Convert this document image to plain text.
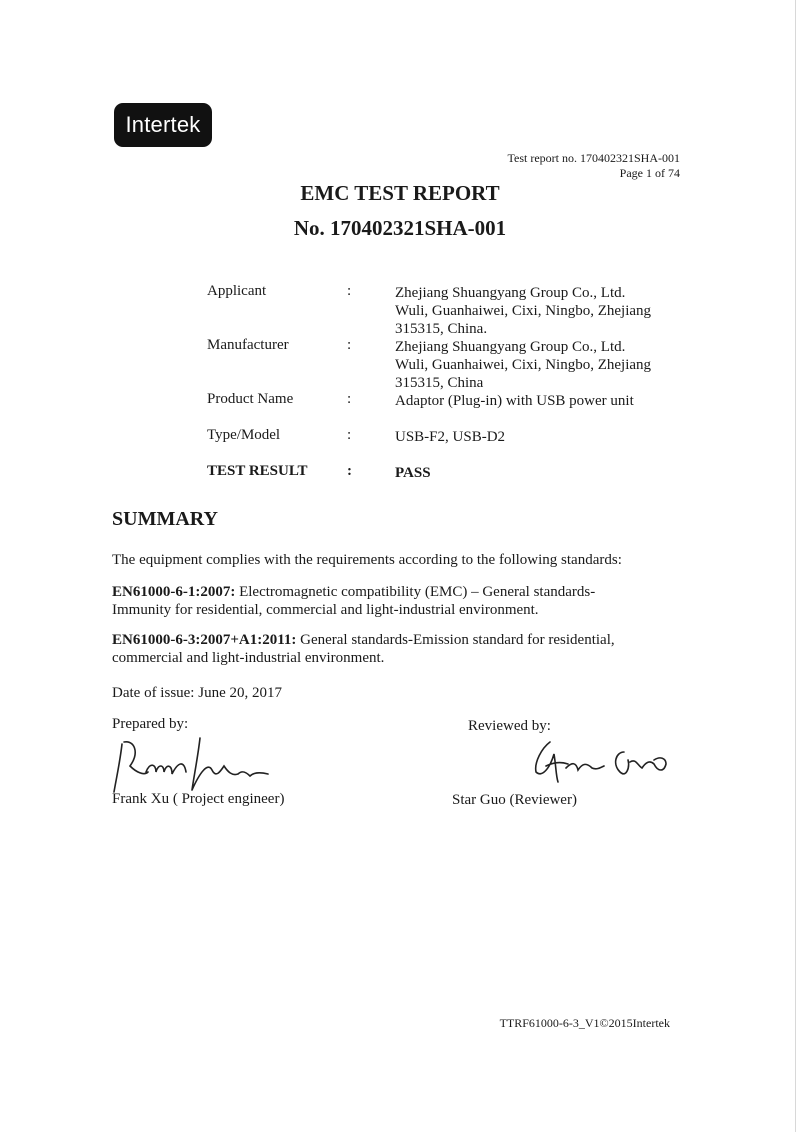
Intertek
Test report no. 170402321SHA-001
Page 1 of 74
EMC TEST REPORT
No. 170402321SHA-001
Applicant	:	Zhejiang Shuangyang Group Co., Ltd.
Wuli, Guanhaiwei, Cixi, Ningbo, Zhejiang
315315, China.
Manufacturer	:	Zhejiang Shuangyang Group Co., Ltd.
Wuli, Guanhaiwei, Cixi, Ningbo, Zhejiang
315315, China
Product Name	:	Adaptor (Plug-in) with USB power unit
Type/Model	:	USB-F2, USB-D2
TEST RESULT	:	PASS
SUMMARY
The equipment complies with the requirements according to the following standards:
EN61000-6-1:2007: Electromagnetic compatibility (EMC) – General standards-
Immunity for residential, commercial and light-industrial environment.
EN61000-6-3:2007+A1:2011: General standards-Emission standard for residential,
commercial and light-industrial environment.
Date of issue: June 20, 2017
Prepared by:	Reviewed by:
Frank Xu ( Project engineer)	Star Guo (Reviewer)
TTRF61000-6-3_V1©2015Intertek
